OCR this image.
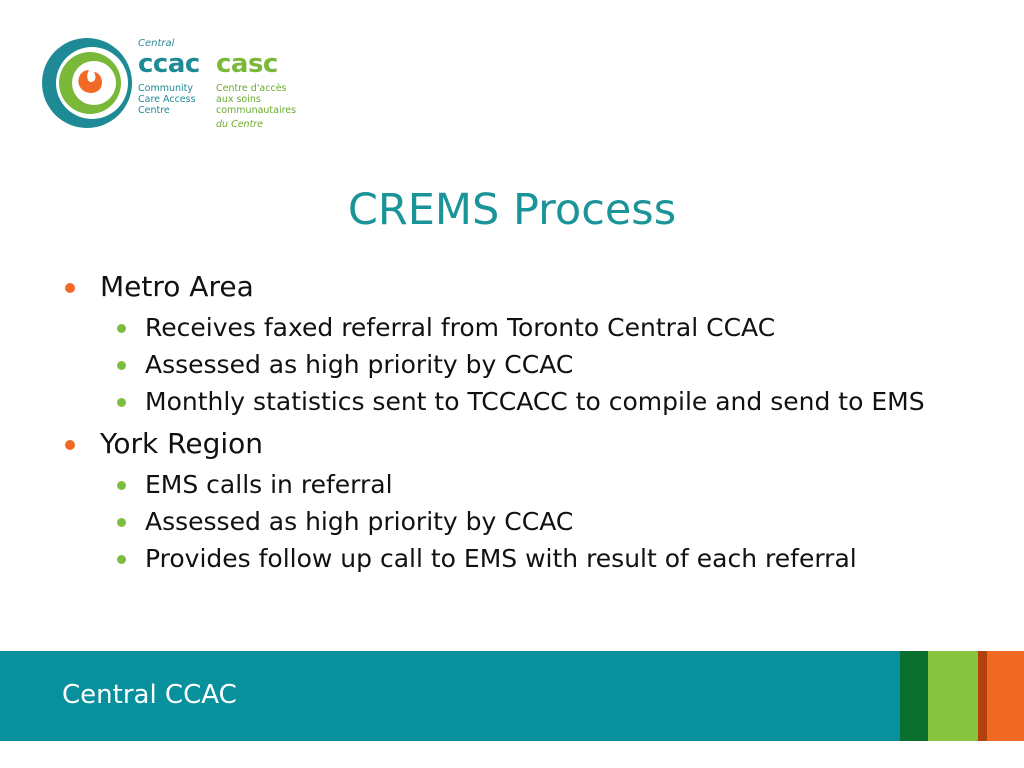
Central
ccac casc
Community
Care Access
Centre
Centre d'accès
aux soins
communautaires
du Centre
CREMS Process
Metro Area
Receives faxed referral from Toronto Central CCAC
Assessed as high priority by CCAC
Monthly statistics sent to TCCACC to compile and send to EMS
York Region
EMS calls in referral
Assessed as high priority by CCAC
Provides follow up call to EMS with result of each referral
Central CCAC
